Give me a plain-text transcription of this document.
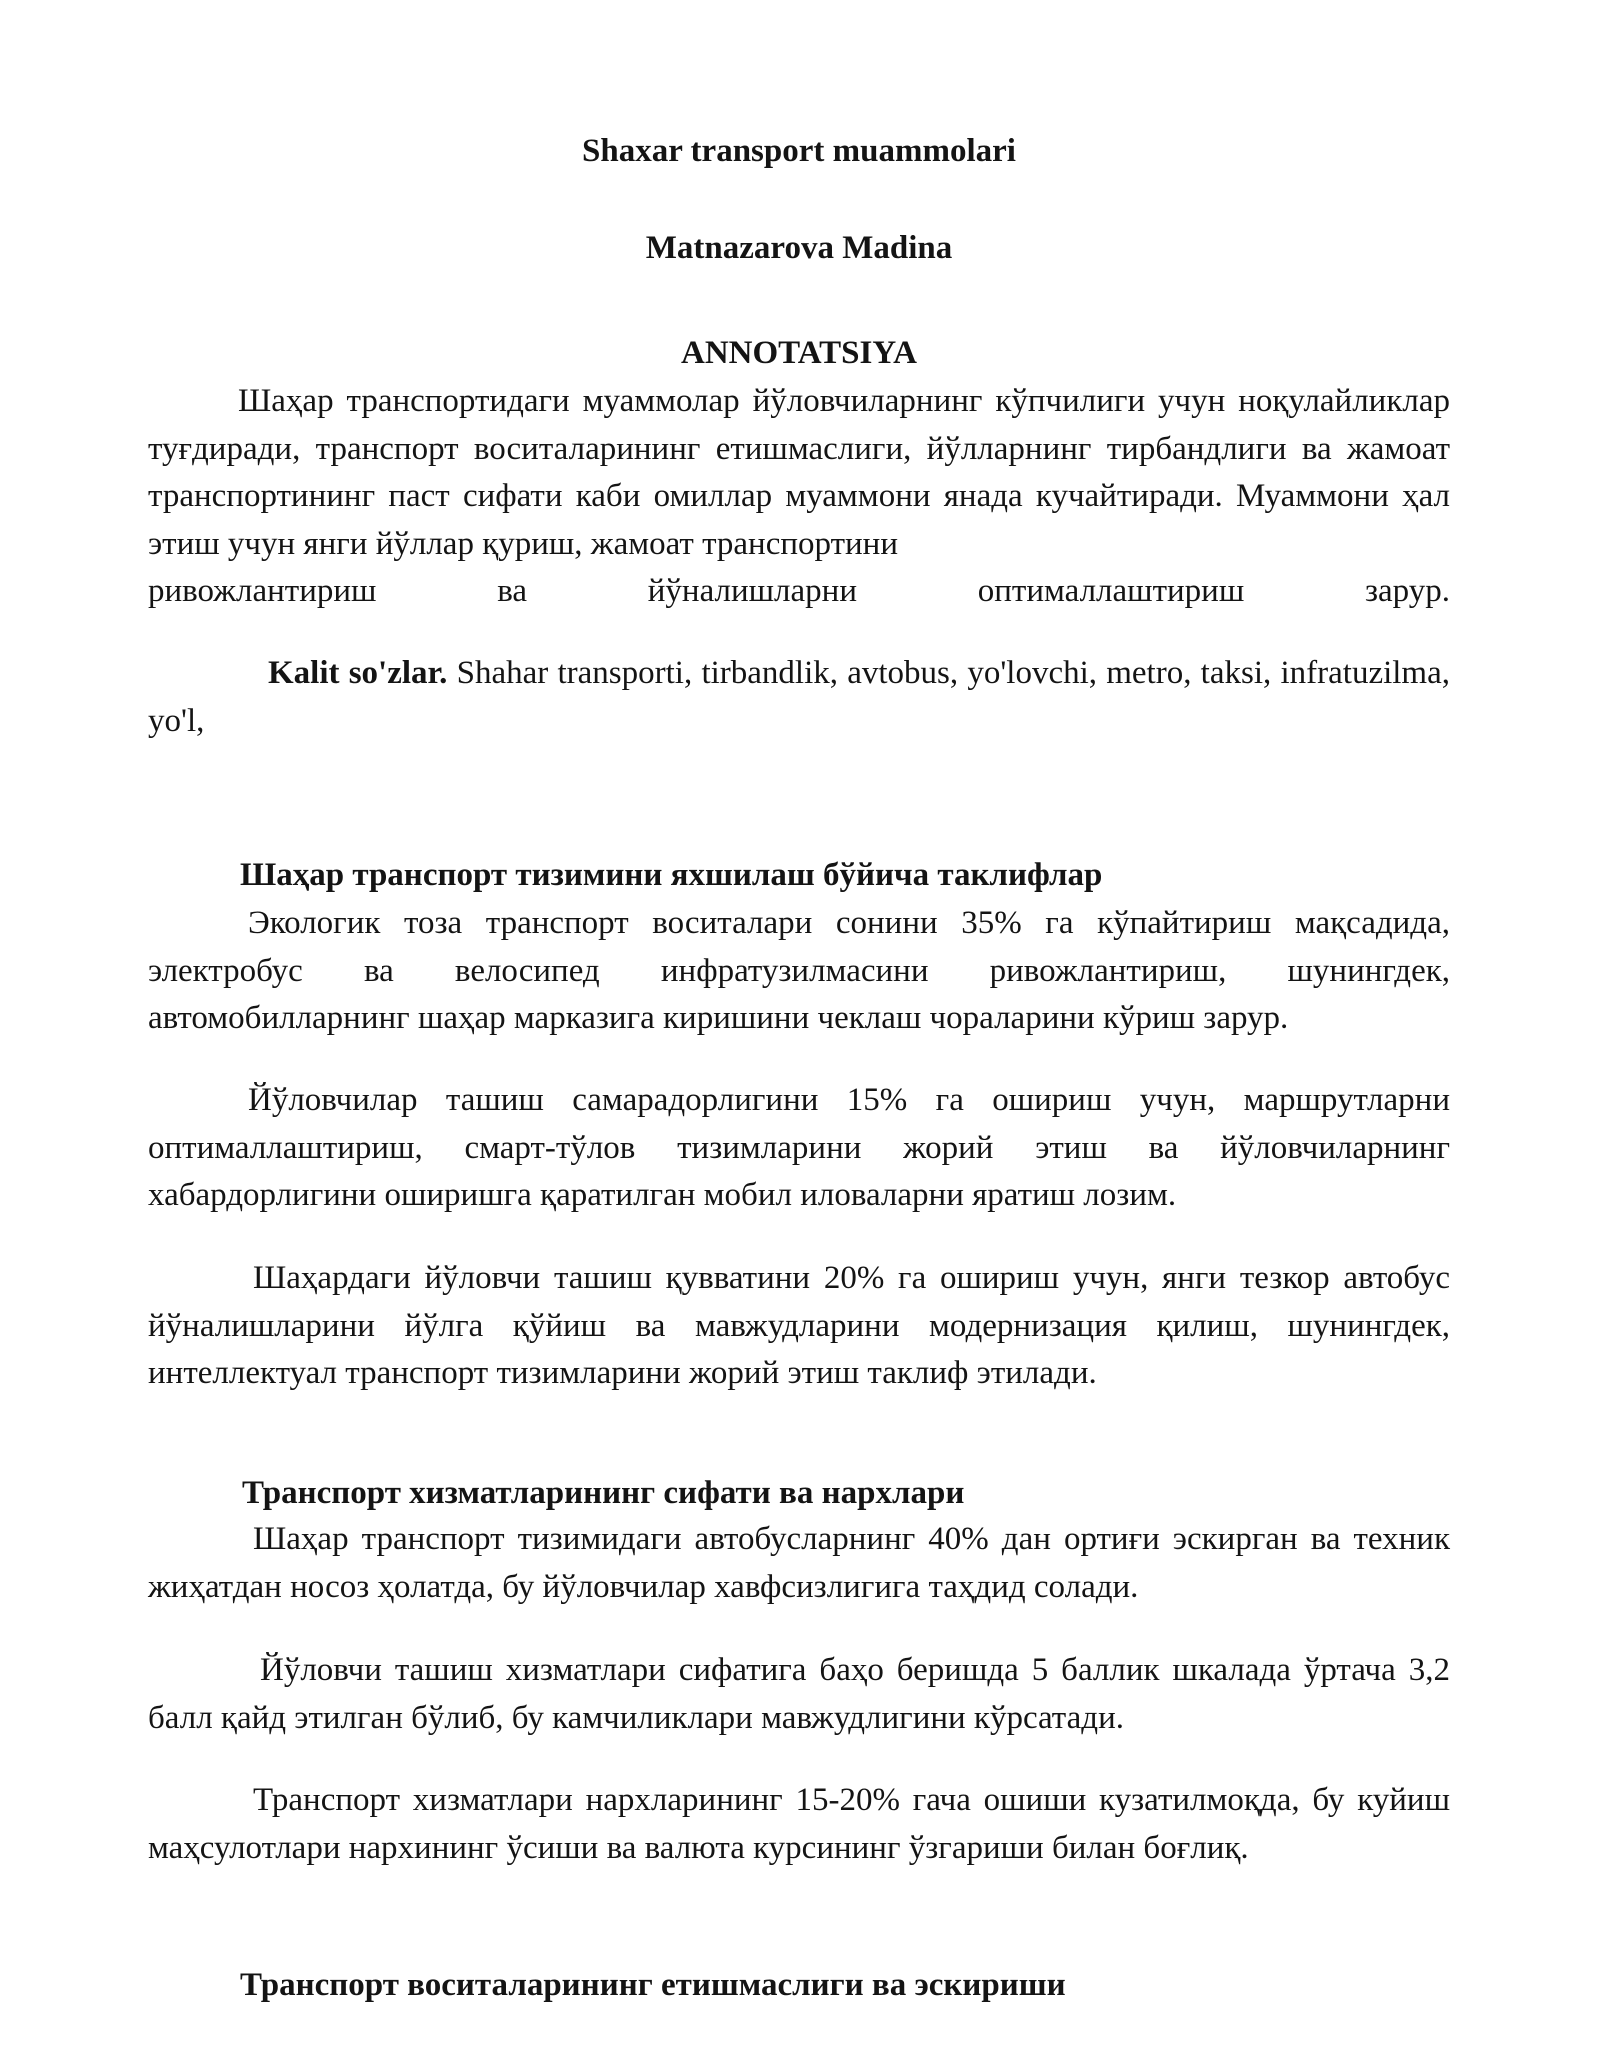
Shaxar transport muammolari
Matnazarova Madina
ANNOTATSIYA
Шаҳар транспортидаги муаммолар йўловчиларнинг кўпчилиги учун ноқулайликлар туғдиради, транспорт воситаларининг етишмаслиги, йўлларнинг тирбандлиги ва жамоат транспортининг паст сифати каби омиллар муаммони янада кучайтиради. Муаммони ҳал этиш учун янги йўллар қуриш, жамоат транспортини
ривожлантириш ва йўналишларни оптималлаштириш зарур.
Kalit so'zlar. Shahar transporti, tirbandlik, avtobus, yo'lovchi, metro, taksi, infratuzilma, yo'l,
Шаҳар транспорт тизимини яхшилаш бўйича таклифлар
Экологик тоза транспорт воситалари сонини 35% га кўпайтириш мақсадида, электробус ва велосипед инфратузилмасини ривожлантириш, шунингдек, автомобилларнинг шаҳар марказига киришини чеклаш чораларини кўриш зарур.
Йўловчилар ташиш самарадорлигини 15% га ошириш учун, маршрутларни оптималлаштириш, смарт-тўлов тизимларини жорий этиш ва йўловчиларнинг хабардорлигини оширишга қаратилган мобил иловаларни яратиш лозим.
Шаҳардаги йўловчи ташиш қувватини 20% га ошириш учун, янги тезкор автобус йўналишларини йўлга қўйиш ва мавжудларини модернизация қилиш, шунингдек, интеллектуал транспорт тизимларини жорий этиш таклиф этилади.
Транспорт хизматларининг сифати ва нархлари
Шаҳар транспорт тизимидаги автобусларнинг 40% дан ортиғи эскирган ва техник жиҳатдан носоз ҳолатда, бу йўловчилар хавфсизлигига таҳдид солади.
Йўловчи ташиш хизматлари сифатига баҳо беришда 5 баллик шкалада ўртача 3,2 балл қайд этилган бўлиб, бу камчиликлари мавжудлигини кўрсатади.
Транспорт хизматлари нархларининг 15-20% гача ошиши кузатилмоқда, бу куйиш маҳсулотлари нархининг ўсиши ва валюта курсининг ўзгариши билан боғлиқ.
Транспорт воситаларининг етишмаслиги ва эскириши
